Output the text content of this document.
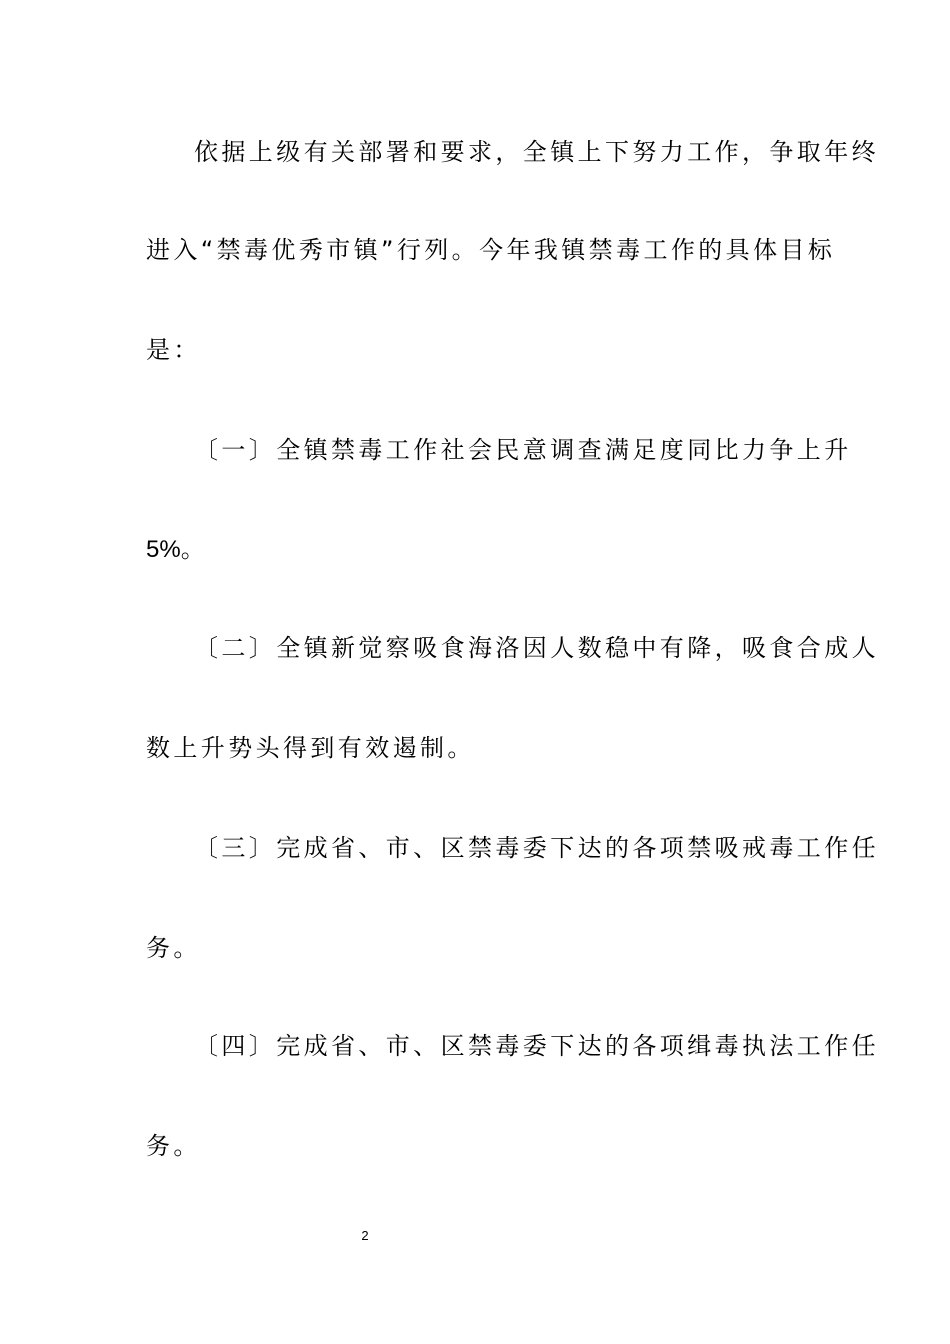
依据上级有关部署和要求，全镇上下努力工作，争取年终
进入“禁毒优秀市镇”行列。今年我镇禁毒工作的具体目标
是：
〔一〕全镇禁毒工作社会民意调查满足度同比力争上升
5%。
〔二〕全镇新觉察吸食海洛因人数稳中有降，吸食合成人
数上升势头得到有效遏制。
〔三〕完成省、市、区禁毒委下达的各项禁吸戒毒工作任
务。
〔四〕完成省、市、区禁毒委下达的各项缉毒执法工作任
务。
2
